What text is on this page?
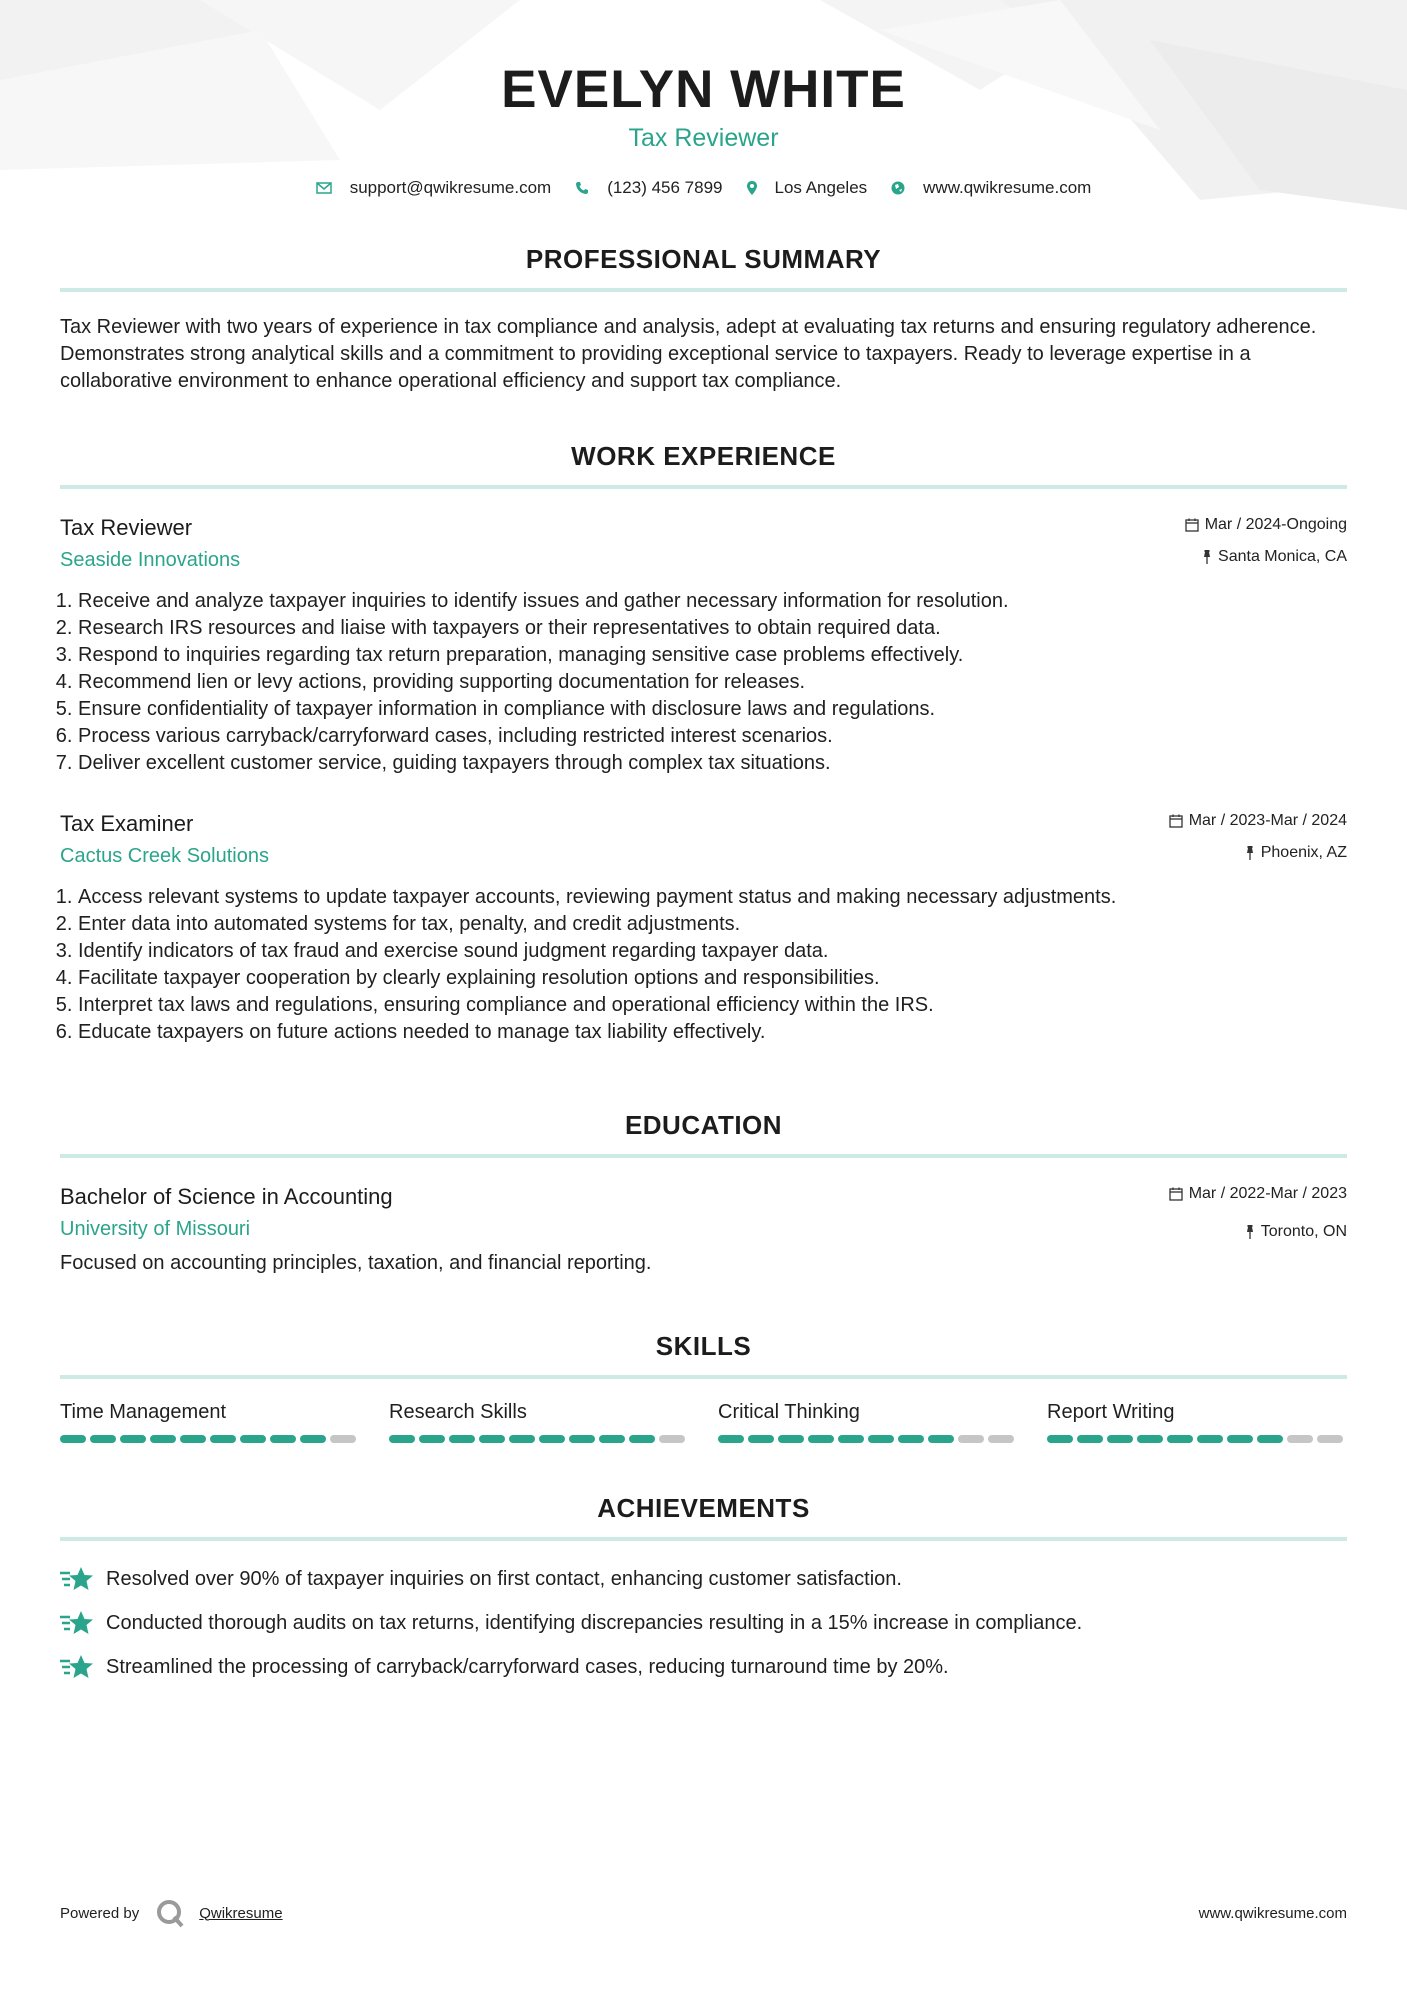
EVELYN WHITE
Tax Reviewer
support@qwikresume.com	(123) 456 7899	Los Angeles	www.qwikresume.com
PROFESSIONAL SUMMARY
Tax Reviewer with two years of experience in tax compliance and analysis, adept at evaluating tax returns and ensuring regulatory adherence. Demonstrates strong analytical skills and a commitment to providing exceptional service to taxpayers. Ready to leverage expertise in a collaborative environment to enhance operational efficiency and support tax compliance.
WORK EXPERIENCE
Tax Reviewer
Seaside Innovations
Mar / 2024-Ongoing
Santa Monica, CA
1. Receive and analyze taxpayer inquiries to identify issues and gather necessary information for resolution.
2. Research IRS resources and liaise with taxpayers or their representatives to obtain required data.
3. Respond to inquiries regarding tax return preparation, managing sensitive case problems effectively.
4. Recommend lien or levy actions, providing supporting documentation for releases.
5. Ensure confidentiality of taxpayer information in compliance with disclosure laws and regulations.
6. Process various carryback/carryforward cases, including restricted interest scenarios.
7. Deliver excellent customer service, guiding taxpayers through complex tax situations.
Tax Examiner
Cactus Creek Solutions
Mar / 2023-Mar / 2024
Phoenix, AZ
1. Access relevant systems to update taxpayer accounts, reviewing payment status and making necessary adjustments.
2. Enter data into automated systems for tax, penalty, and credit adjustments.
3. Identify indicators of tax fraud and exercise sound judgment regarding taxpayer data.
4. Facilitate taxpayer cooperation by clearly explaining resolution options and responsibilities.
5. Interpret tax laws and regulations, ensuring compliance and operational efficiency within the IRS.
6. Educate taxpayers on future actions needed to manage tax liability effectively.
EDUCATION
Bachelor of Science in Accounting
University of Missouri
Mar / 2022-Mar / 2023
Toronto, ON
Focused on accounting principles, taxation, and financial reporting.
SKILLS
Time Management	Research Skills	Critical Thinking	Report Writing
ACHIEVEMENTS
Resolved over 90% of taxpayer inquiries on first contact, enhancing customer satisfaction.
Conducted thorough audits on tax returns, identifying discrepancies resulting in a 15% increase in compliance.
Streamlined the processing of carryback/carryforward cases, reducing turnaround time by 20%.
Powered by	Qwikresume	www.qwikresume.com
